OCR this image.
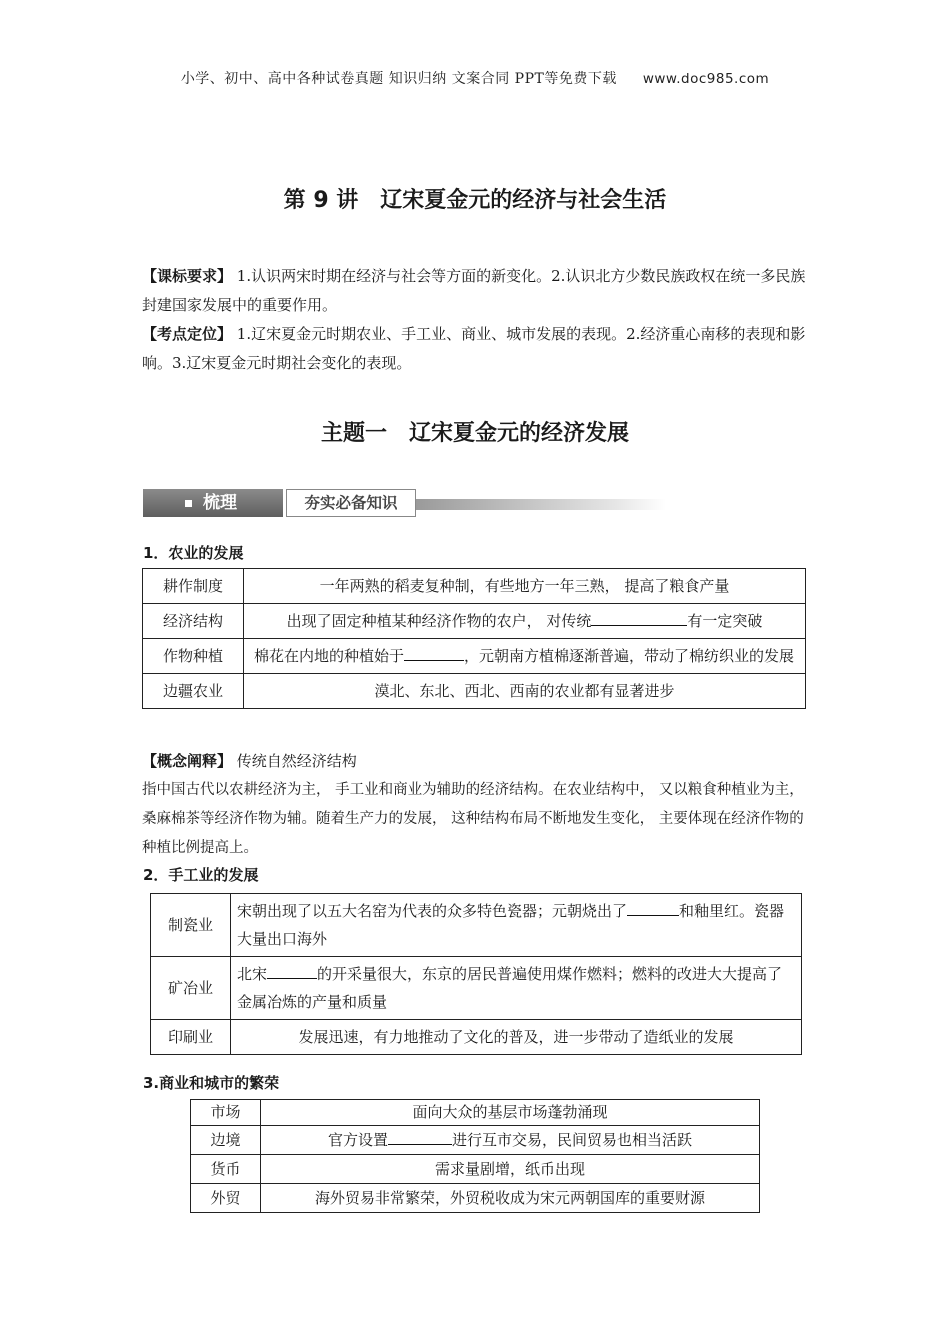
小学、初中、高中各种试卷真题 知识归纳 文案合同 PPT等免费下载 www.doc985.com
第 9 讲　辽宋夏金元的经济与社会生活
【课标要求】 1.认识两宋时期在经济与社会等方面的新变化。2.认识北方少数民族政权在统一多民族封建国家发展中的重要作用。
【考点定位】 1.辽宋夏金元时期农业、手工业、商业、城市发展的表现。2.经济重心南移的表现和影响。3.辽宋夏金元时期社会变化的表现。
主题一　辽宋夏金元的经济发展
梳理	夯实必备知识
1．农业的发展
耕作制度	一年两熟的稻麦复种制，有些地方一年三熟， 提高了粮食产量
经济结构	出现了固定种植某种经济作物的农户， 对传统 有一定突破
作物种植	棉花在内地的种植始于 ，元朝南方植棉逐渐普遍，带动了棉纺织业的发展
边疆农业	漠北、东北、西北、西南的农业都有显著进步
【概念阐释】 传统自然经济结构
指中国古代以农耕经济为主， 手工业和商业为辅助的经济结构。在农业结构中， 又以粮食种植业为主， 桑麻棉茶等经济作物为辅。随着生产力的发展， 这种结构布局不断地发生变化， 主要体现在经济作物的种植比例提高上。
2．手工业的发展
制瓷业	宋朝出现了以五大名窑为代表的众多特色瓷器；元朝烧出了 和釉里红。瓷器大量出口海外
矿冶业	北宋 的开采量很大，东京的居民普遍使用煤作燃料；燃料的改进大大提高了金属冶炼的产量和质量
印刷业	发展迅速，有力地推动了文化的普及，进一步带动了造纸业的发展
3.商业和城市的繁荣
市场	面向大众的基层市场蓬勃涌现
边境	官方设置 进行互市交易，民间贸易也相当活跃
货币	需求量剧增，纸币出现
外贸	海外贸易非常繁荣，外贸税收成为宋元两朝国库的重要财源
